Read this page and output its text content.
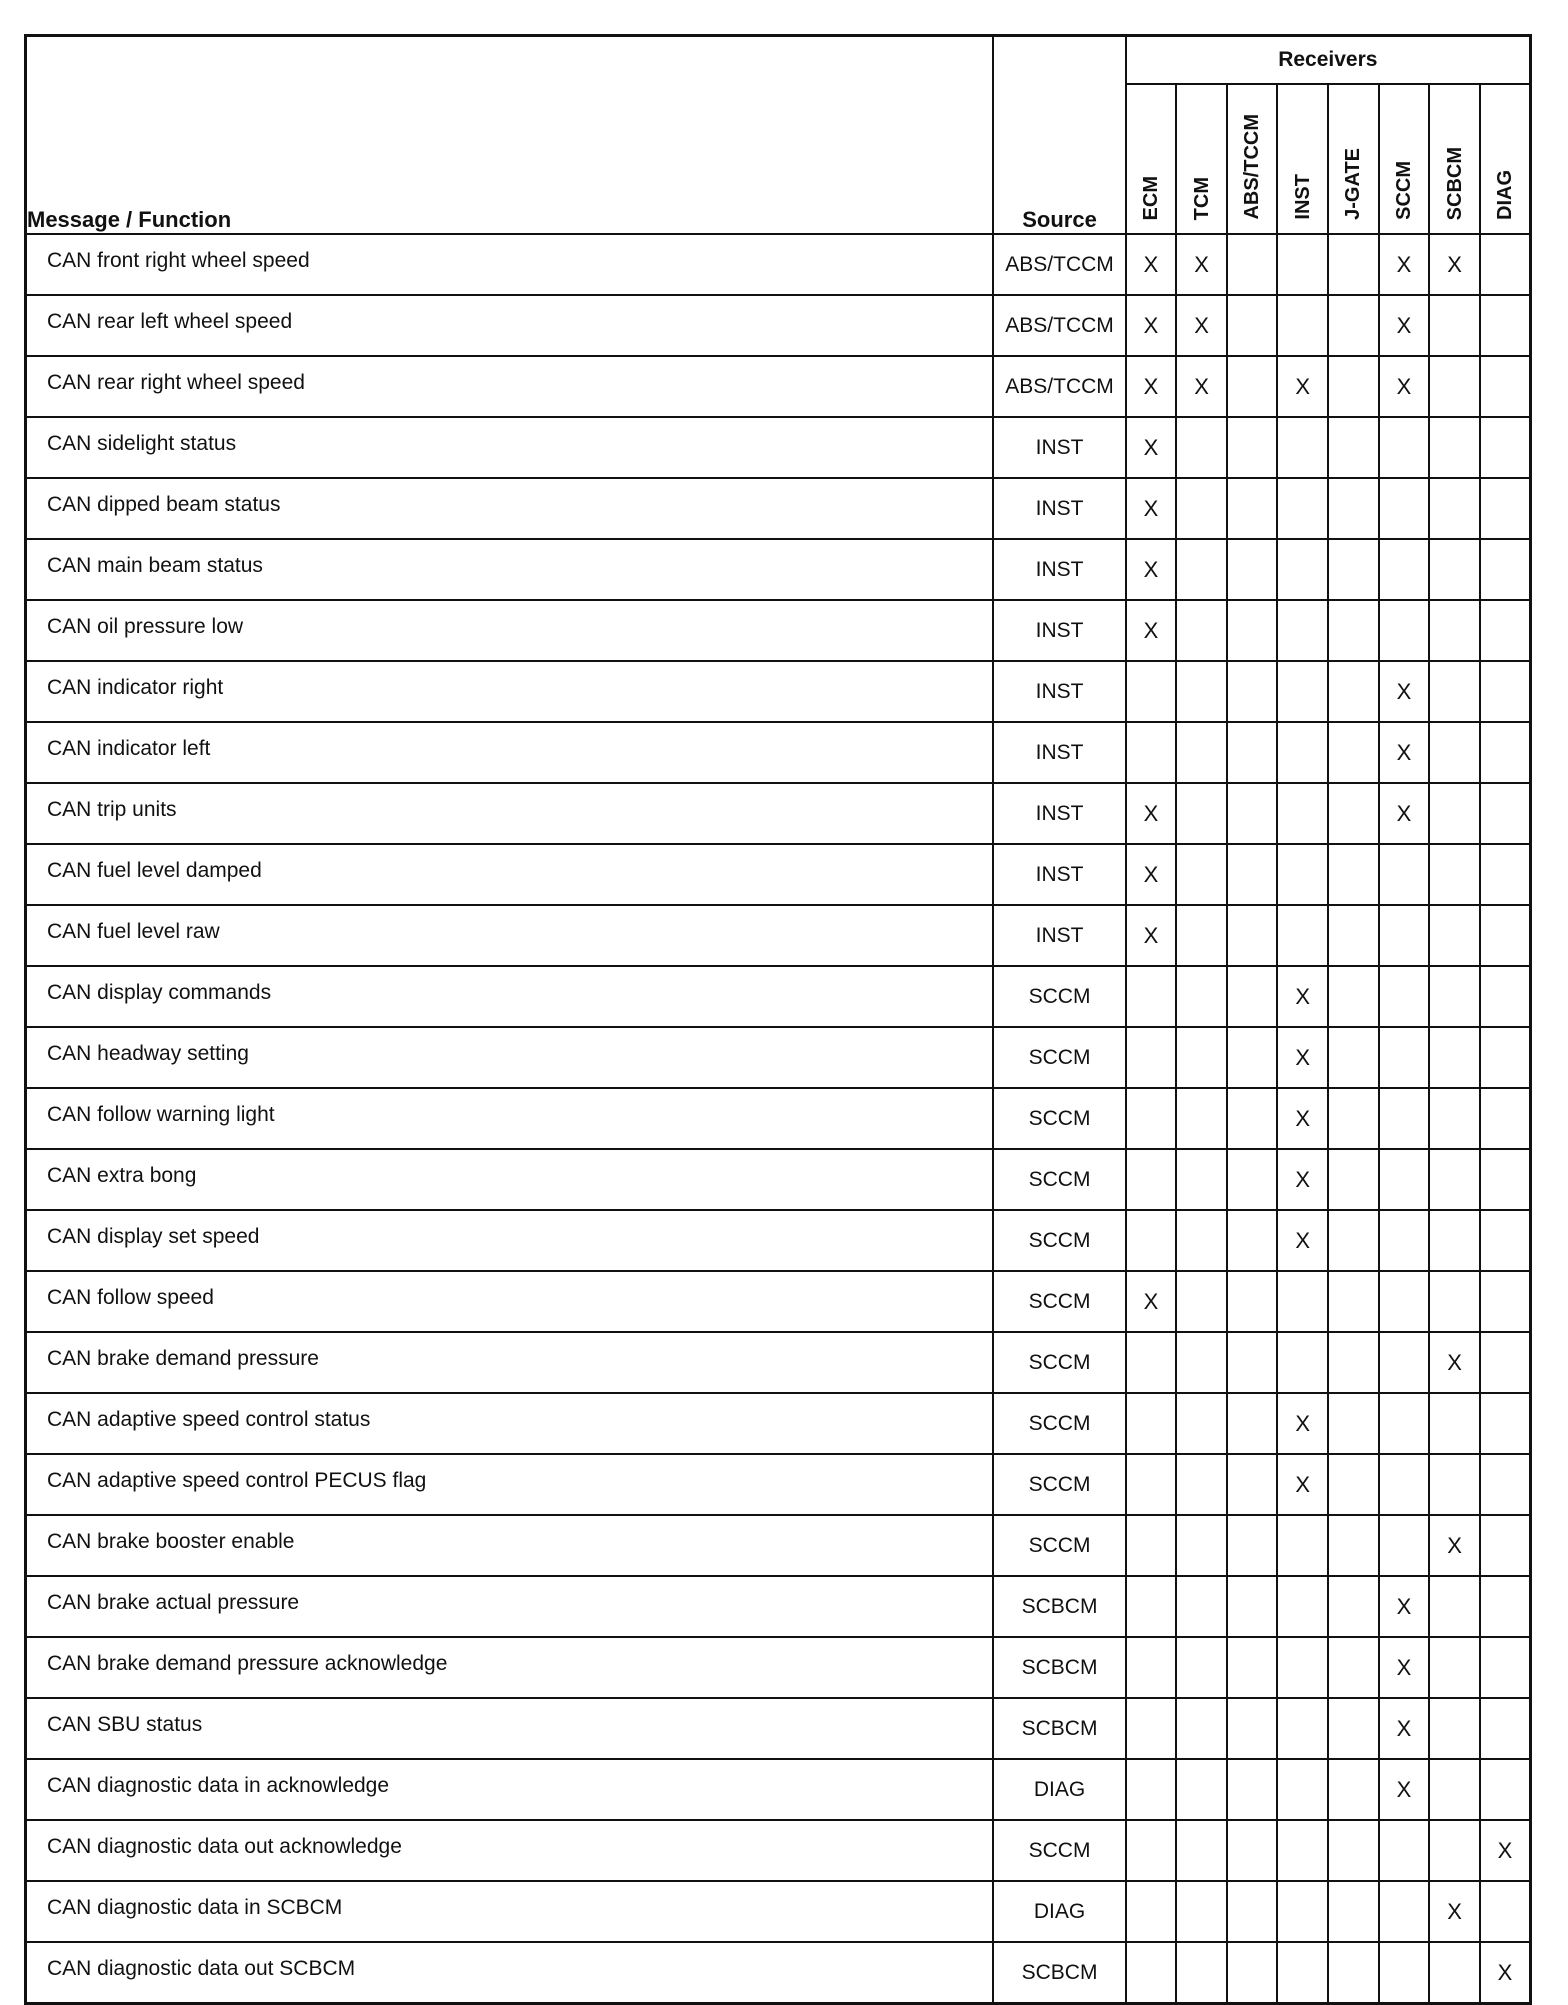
Message / Function	Source	Receivers							
		ECM	TCM	ABS/TCCM	INST	J-GATE	SCCM	SCBCM	DIAG
CAN front right wheel speed	ABS/TCCM	X	X				X	X	
CAN rear left wheel speed	ABS/TCCM	X	X				X		
CAN rear right wheel speed	ABS/TCCM	X	X		X		X		
CAN sidelight status	INST	X							
CAN dipped beam status	INST	X							
CAN main beam status	INST	X							
CAN oil pressure low	INST	X							
CAN indicator right	INST						X		
CAN indicator left	INST						X		
CAN trip units	INST	X					X		
CAN fuel level damped	INST	X							
CAN fuel level raw	INST	X							
CAN display commands	SCCM				X				
CAN headway setting	SCCM				X				
CAN follow warning light	SCCM				X				
CAN extra bong	SCCM				X				
CAN display set speed	SCCM				X				
CAN follow speed	SCCM	X							
CAN brake demand pressure	SCCM							X	
CAN adaptive speed control status	SCCM				X				
CAN adaptive speed control PECUS flag	SCCM				X				
CAN brake booster enable	SCCM							X	
CAN brake actual pressure	SCBCM						X		
CAN brake demand pressure acknowledge	SCBCM						X		
CAN SBU status	SCBCM						X		
CAN diagnostic data in acknowledge	DIAG						X		
CAN diagnostic data out acknowledge	SCCM								X
CAN diagnostic data in SCBCM	DIAG							X	
CAN diagnostic data out SCBCM	SCBCM								X
